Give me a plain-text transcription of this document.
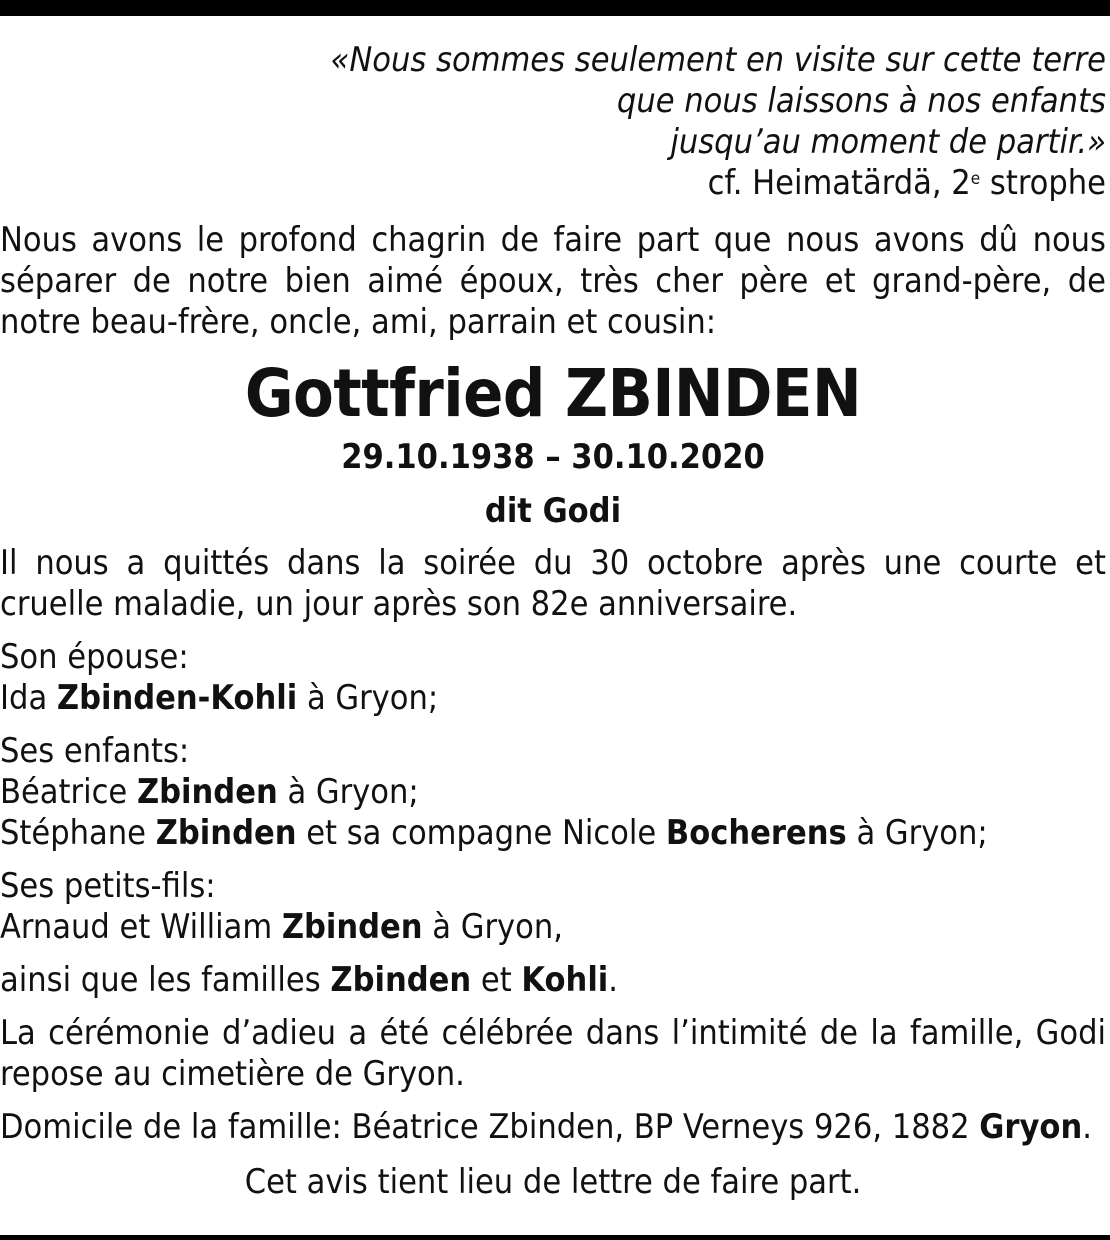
«Nous sommes seulement en visite sur cette terre
que nous laissons à nos enfants
jusqu’au moment de partir.»
cf. Heimatärdä, 2e strophe

Nous avons le profond chagrin de faire part que nous avons dû nous séparer de notre bien aimé époux, très cher père et grand-père, de notre beau-frère, oncle, ami, parrain et cousin:

Gottfried ZBINDEN
29.10.1938 – 30.10.2020
dit Godi

Il nous a quittés dans la soirée du 30 octobre après une courte et cruelle maladie, un jour après son 82e anniversaire.

Son épouse:
Ida Zbinden-Kohli à Gryon;
Ses enfants:
Béatrice Zbinden à Gryon;
Stéphane Zbinden et sa compagne Nicole Bocherens à Gryon;
Ses petits-fils:
Arnaud et William Zbinden à Gryon,

ainsi que les familles Zbinden et Kohli.

La cérémonie d’adieu a été célébrée dans l’intimité de la famille, Godi repose au cimetière de Gryon.

Domicile de la famille: Béatrice Zbinden, BP Verneys 926, 1882 Gryon.

Cet avis tient lieu de lettre de faire part.
